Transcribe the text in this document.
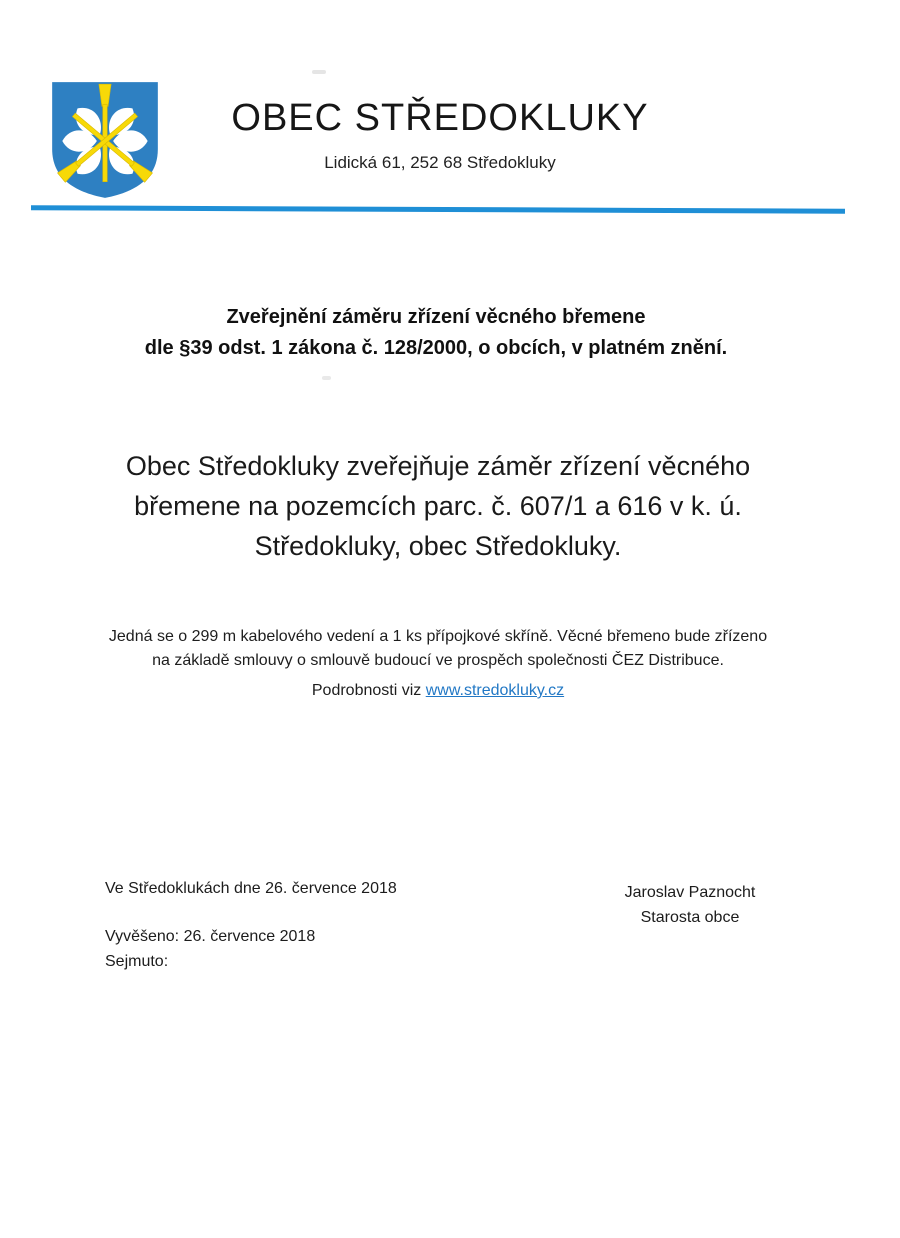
OBEC STŘEDOKLUKY
Lidická 61, 252 68 Středokluky
Zveřejnění záměru zřízení věcného břemene
dle §39 odst. 1 zákona č. 128/2000, o obcích, v platném znění.
Obec Středokluky zveřejňuje záměr zřízení věcného
břemene na pozemcích parc. č. 607/1 a 616 v k. ú.
Středokluky, obec Středokluky.
Jedná se o 299 m kabelového vedení a 1 ks přípojkové skříně. Věcné břemeno bude zřízeno
na základě smlouvy o smlouvě budoucí ve prospěch společnosti ČEZ Distribuce.
Podrobnosti viz www.stredokluky.cz
Ve Středoklukách dne 26. července 2018	Jaroslav Paznocht
Starosta obce
Vyvěšeno: 26. července 2018
Sejmuto:
